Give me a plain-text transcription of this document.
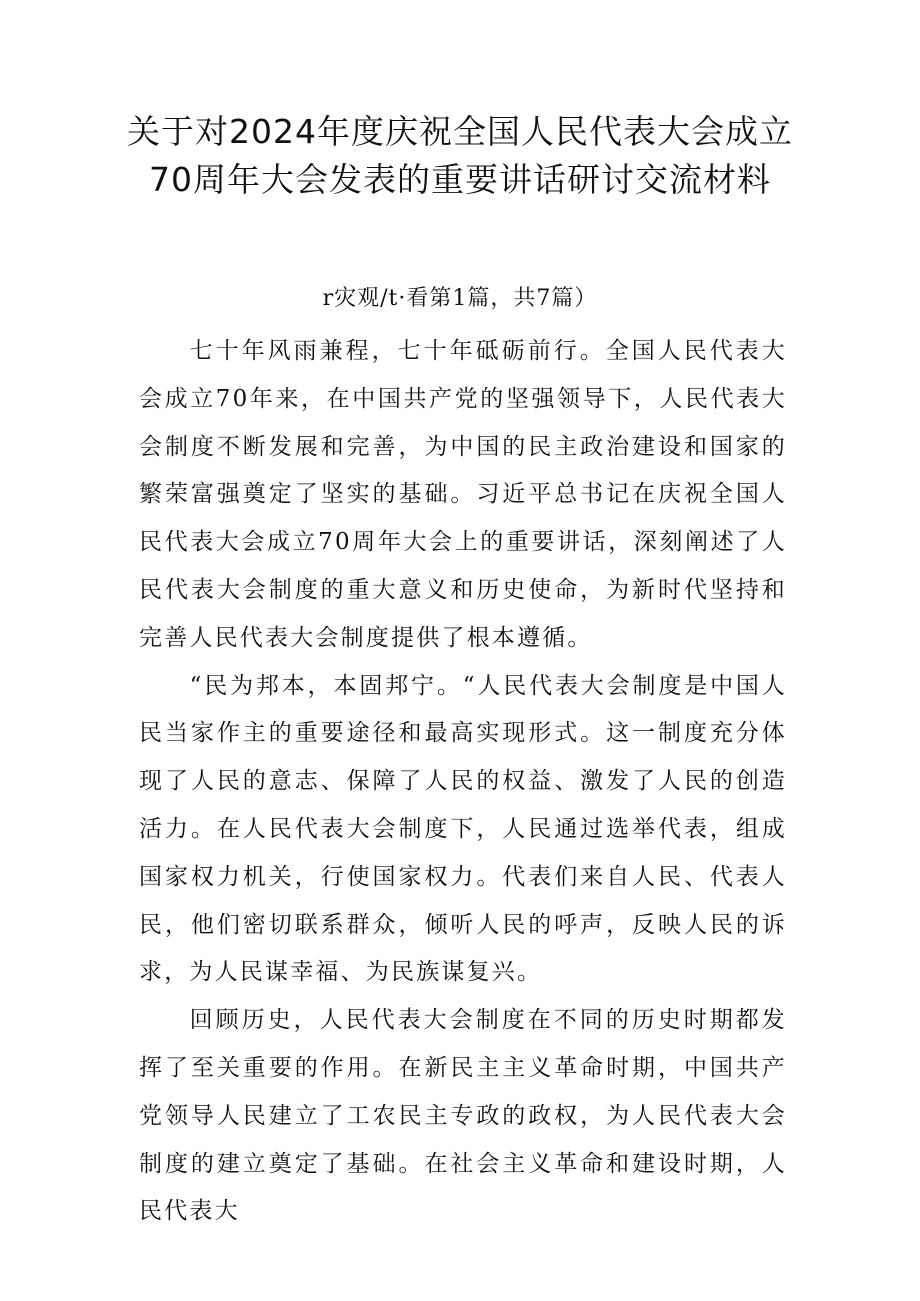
关于对2024年度庆祝全国人民代表大会成立70周年大会发表的重要讲话研讨交流材料
r灾观/t·看第1篇，共7篇）

七十年风雨兼程，七十年砥砺前行。全国人民代表大会成立70年来，在中国共产党的坚强领导下，人民代表大会制度不断发展和完善，为中国的民主政治建设和国家的繁荣富强奠定了坚实的基础。习近平总书记在庆祝全国人民代表大会成立70周年大会上的重要讲话，深刻阐述了人民代表大会制度的重大意义和历史使命，为新时代坚持和完善人民代表大会制度提供了根本遵循。

“民为邦本，本固邦宁。“人民代表大会制度是中国人民当家作主的重要途径和最高实现形式。这一制度充分体现了人民的意志、保障了人民的权益、激发了人民的创造活力。在人民代表大会制度下，人民通过选举代表，组成国家权力机关，行使国家权力。代表们来自人民、代表人民，他们密切联系群众，倾听人民的呼声，反映人民的诉求，为人民谋幸福、为民族谋复兴。

回顾历史，人民代表大会制度在不同的历史时期都发挥了至关重要的作用。在新民主主义革命时期，中国共产党领导人民建立了工农民主专政的政权，为人民代表大会制度的建立奠定了基础。在社会主义革命和建设时期，人民代表大
